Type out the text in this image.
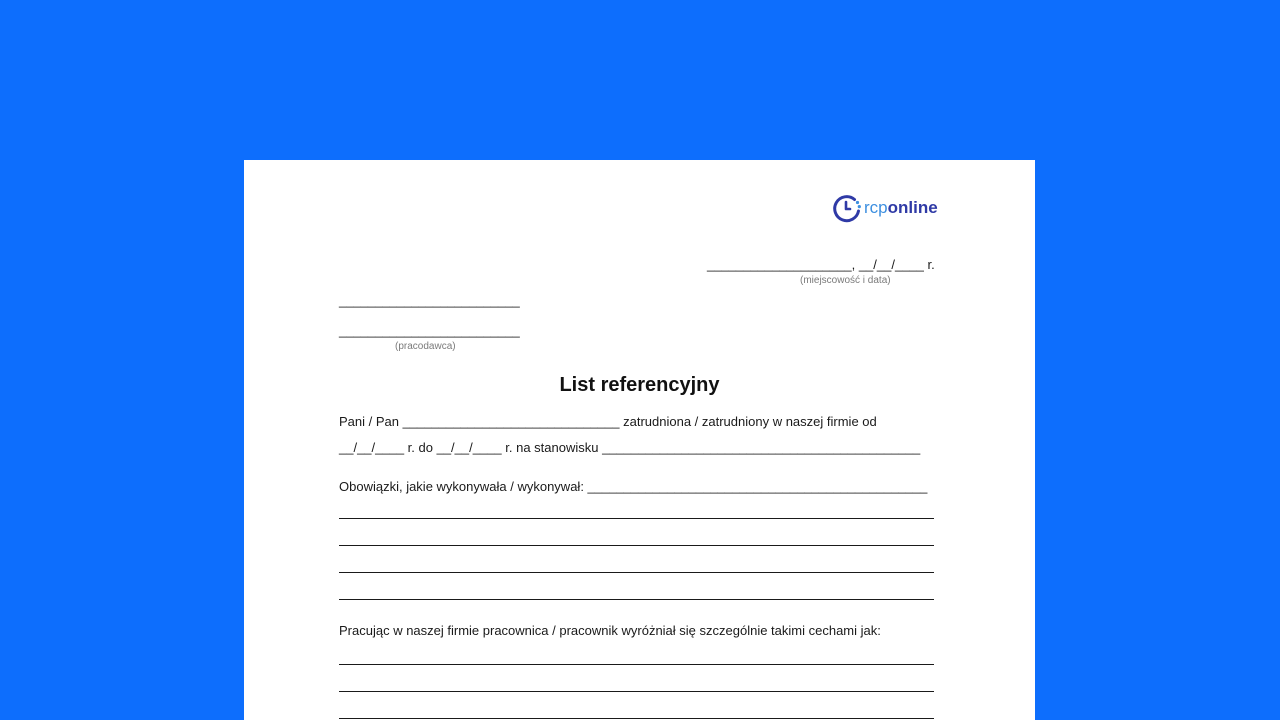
rcponline
____________________, __/__/____ r.
(miejscowość i data)
_________________________
_________________________
(pracodawca)
List referencyjny
Pani / Pan ______________________________ zatrudniona / zatrudniony w naszej firmie od
__/__/____ r. do __/__/____ r. na stanowisku ____________________________________________
Obowiązki, jakie wykonywała / wykonywał: _______________________________________________
Pracując w naszej firmie pracownica / pracownik wyróżniał się szczególnie takimi cechami jak:
